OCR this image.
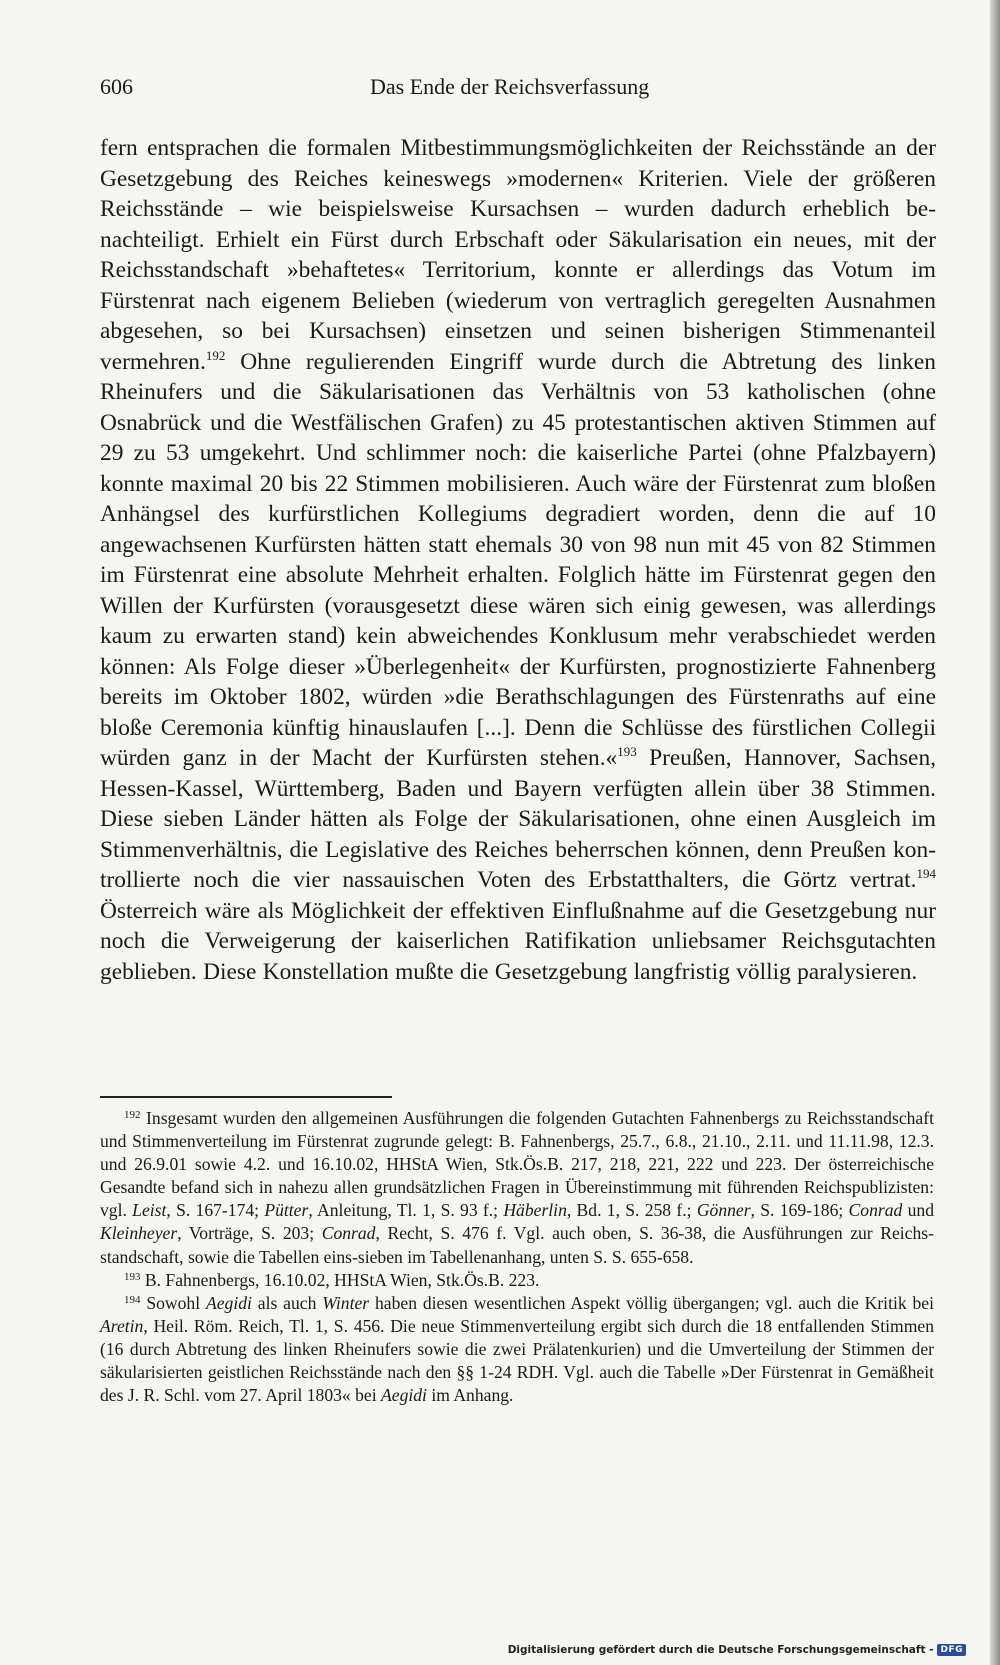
606	Das Ende der Reichsverfassung

fern entsprachen die formalen Mitbestimmungsmöglichkeiten der Reichsstände an der Gesetzgebung des Reiches keineswegs »modernen« Kriterien. Viele der größeren Reichsstände – wie beispielsweise Kursachsen – wurden dadurch erheblich benachteiligt. Erhielt ein Fürst durch Erbschaft oder Säkularisation ein neues, mit der Reichsstandschaft »behaftetes« Territorium, konnte er allerdings das Votum im Fürstenrat nach eigenem Belieben (wiederum von vertraglich geregelten Ausnahmen abgesehen, so bei Kursachsen) einsetzen und seinen bisherigen Stimmenanteil vermehren.$^{192}$ Ohne regulierenden Eingriff wurde durch die Abtretung des linken Rheinufers und die Säkularisationen das Verhältnis von 53 katholischen (ohne Osnabrück und die Westfälischen Grafen) zu 45 protestantischen aktiven Stimmen auf 29 zu 53 umgekehrt. Und schlimmer noch: die kaiserliche Partei (ohne Pfalzbayern) konnte maximal 20 bis 22 Stimmen mobilisieren. Auch wäre der Fürstenrat zum bloßen Anhängsel des kurfürstlichen Kollegiums degradiert worden, denn die auf 10 angewachsenen Kurfürsten hätten statt ehemals 30 von 98 nun mit 45 von 82 Stimmen im Fürstenrat eine absolute Mehrheit erhalten. Folglich hätte im Fürstenrat gegen den Willen der Kurfürsten (vorausgesetzt diese wären sich einig gewesen, was allerdings kaum zu erwarten stand) kein abweichendes Konklusum mehr verabschiedet werden können: Als Folge dieser »Überlegenheit« der Kurfürsten, prognostizierte Fahnenberg bereits im Oktober 1802, würden »die Berathschlagungen des Fürstenraths auf eine bloße Ceremonia künftig hinauslaufen [...]. Denn die Schlüsse des fürstlichen Collegii würden ganz in der Macht der Kurfürsten stehen.«$^{193}$ Preußen, Hannover, Sachsen, Hessen-Kassel, Württemberg, Baden und Bayern verfügten allein über 38 Stimmen. Diese sieben Länder hätten als Folge der Säkularisationen, ohne einen Ausgleich im Stimmenverhältnis, die Legislative des Reiches beherrschen können, denn Preußen kontrollierte noch die vier nassauischen Voten des Erbstatthalters, die Görtz vertrat.$^{194}$ Österreich wäre als Möglichkeit der effektiven Einflußnahme auf die Gesetzgebung nur noch die Verweigerung der kaiserlichen Ratifikation unliebsamer Reichsgutachten geblieben. Diese Konstellation mußte die Gesetzgebung langfristig völlig paralysieren.

$^{192}$ Insgesamt wurden den allgemeinen Ausführungen die folgenden Gutachten Fahnenbergs zu Reichsstandschaft und Stimmenverteilung im Fürstenrat zugrunde gelegt: B. Fahnenbergs, 25.7., 6.8., 21.10., 2.11. und 11.11.98, 12.3. und 26.9.01 sowie 4.2. und 16.10.02, HHStA Wien, Stk.Ös.B. 217, 218, 221, 222 und 223. Der österreichische Gesandte befand sich in nahezu allen grundsätzlichen Fragen in Übereinstimmung mit führenden Reichspublizisten: vgl. Leist, S. 167-174; Pütter, Anleitung, Tl. 1, S. 93 f.; Häberlin, Bd. 1, S. 258 f.; Gönner, S. 169-186; Conrad und Kleinheyer, Vorträge, S. 203; Conrad, Recht, S. 476 f. Vgl. auch oben, S. 36-38, die Ausführungen zur Reichsstandschaft, sowie die Tabellen eins-sieben im Tabellenanhang, unten S. S. 655-658.

$^{193}$ B. Fahnenbergs, 16.10.02, HHStA Wien, Stk.Ös.B. 223.

$^{194}$ Sowohl Aegidi als auch Winter haben diesen wesentlichen Aspekt völlig übergangen; vgl. auch die Kritik bei Aretin, Heil. Röm. Reich, Tl. 1, S. 456. Die neue Stimmenverteilung ergibt sich durch die 18 entfallenden Stimmen (16 durch Abtretung des linken Rheinufers sowie die zwei Prälatenkurien) und die Umverteilung der Stimmen der säkularisierten geistlichen Reichsstände nach den §§ 1-24 RDH. Vgl. auch die Tabelle »Der Fürstenrat in Gemäßheit des J. R. Schl. vom 27. April 1803« bei Aegidi im Anhang.

Digitalisierung gefördert durch die Deutsche Forschungsgemeinschaft - DFG
